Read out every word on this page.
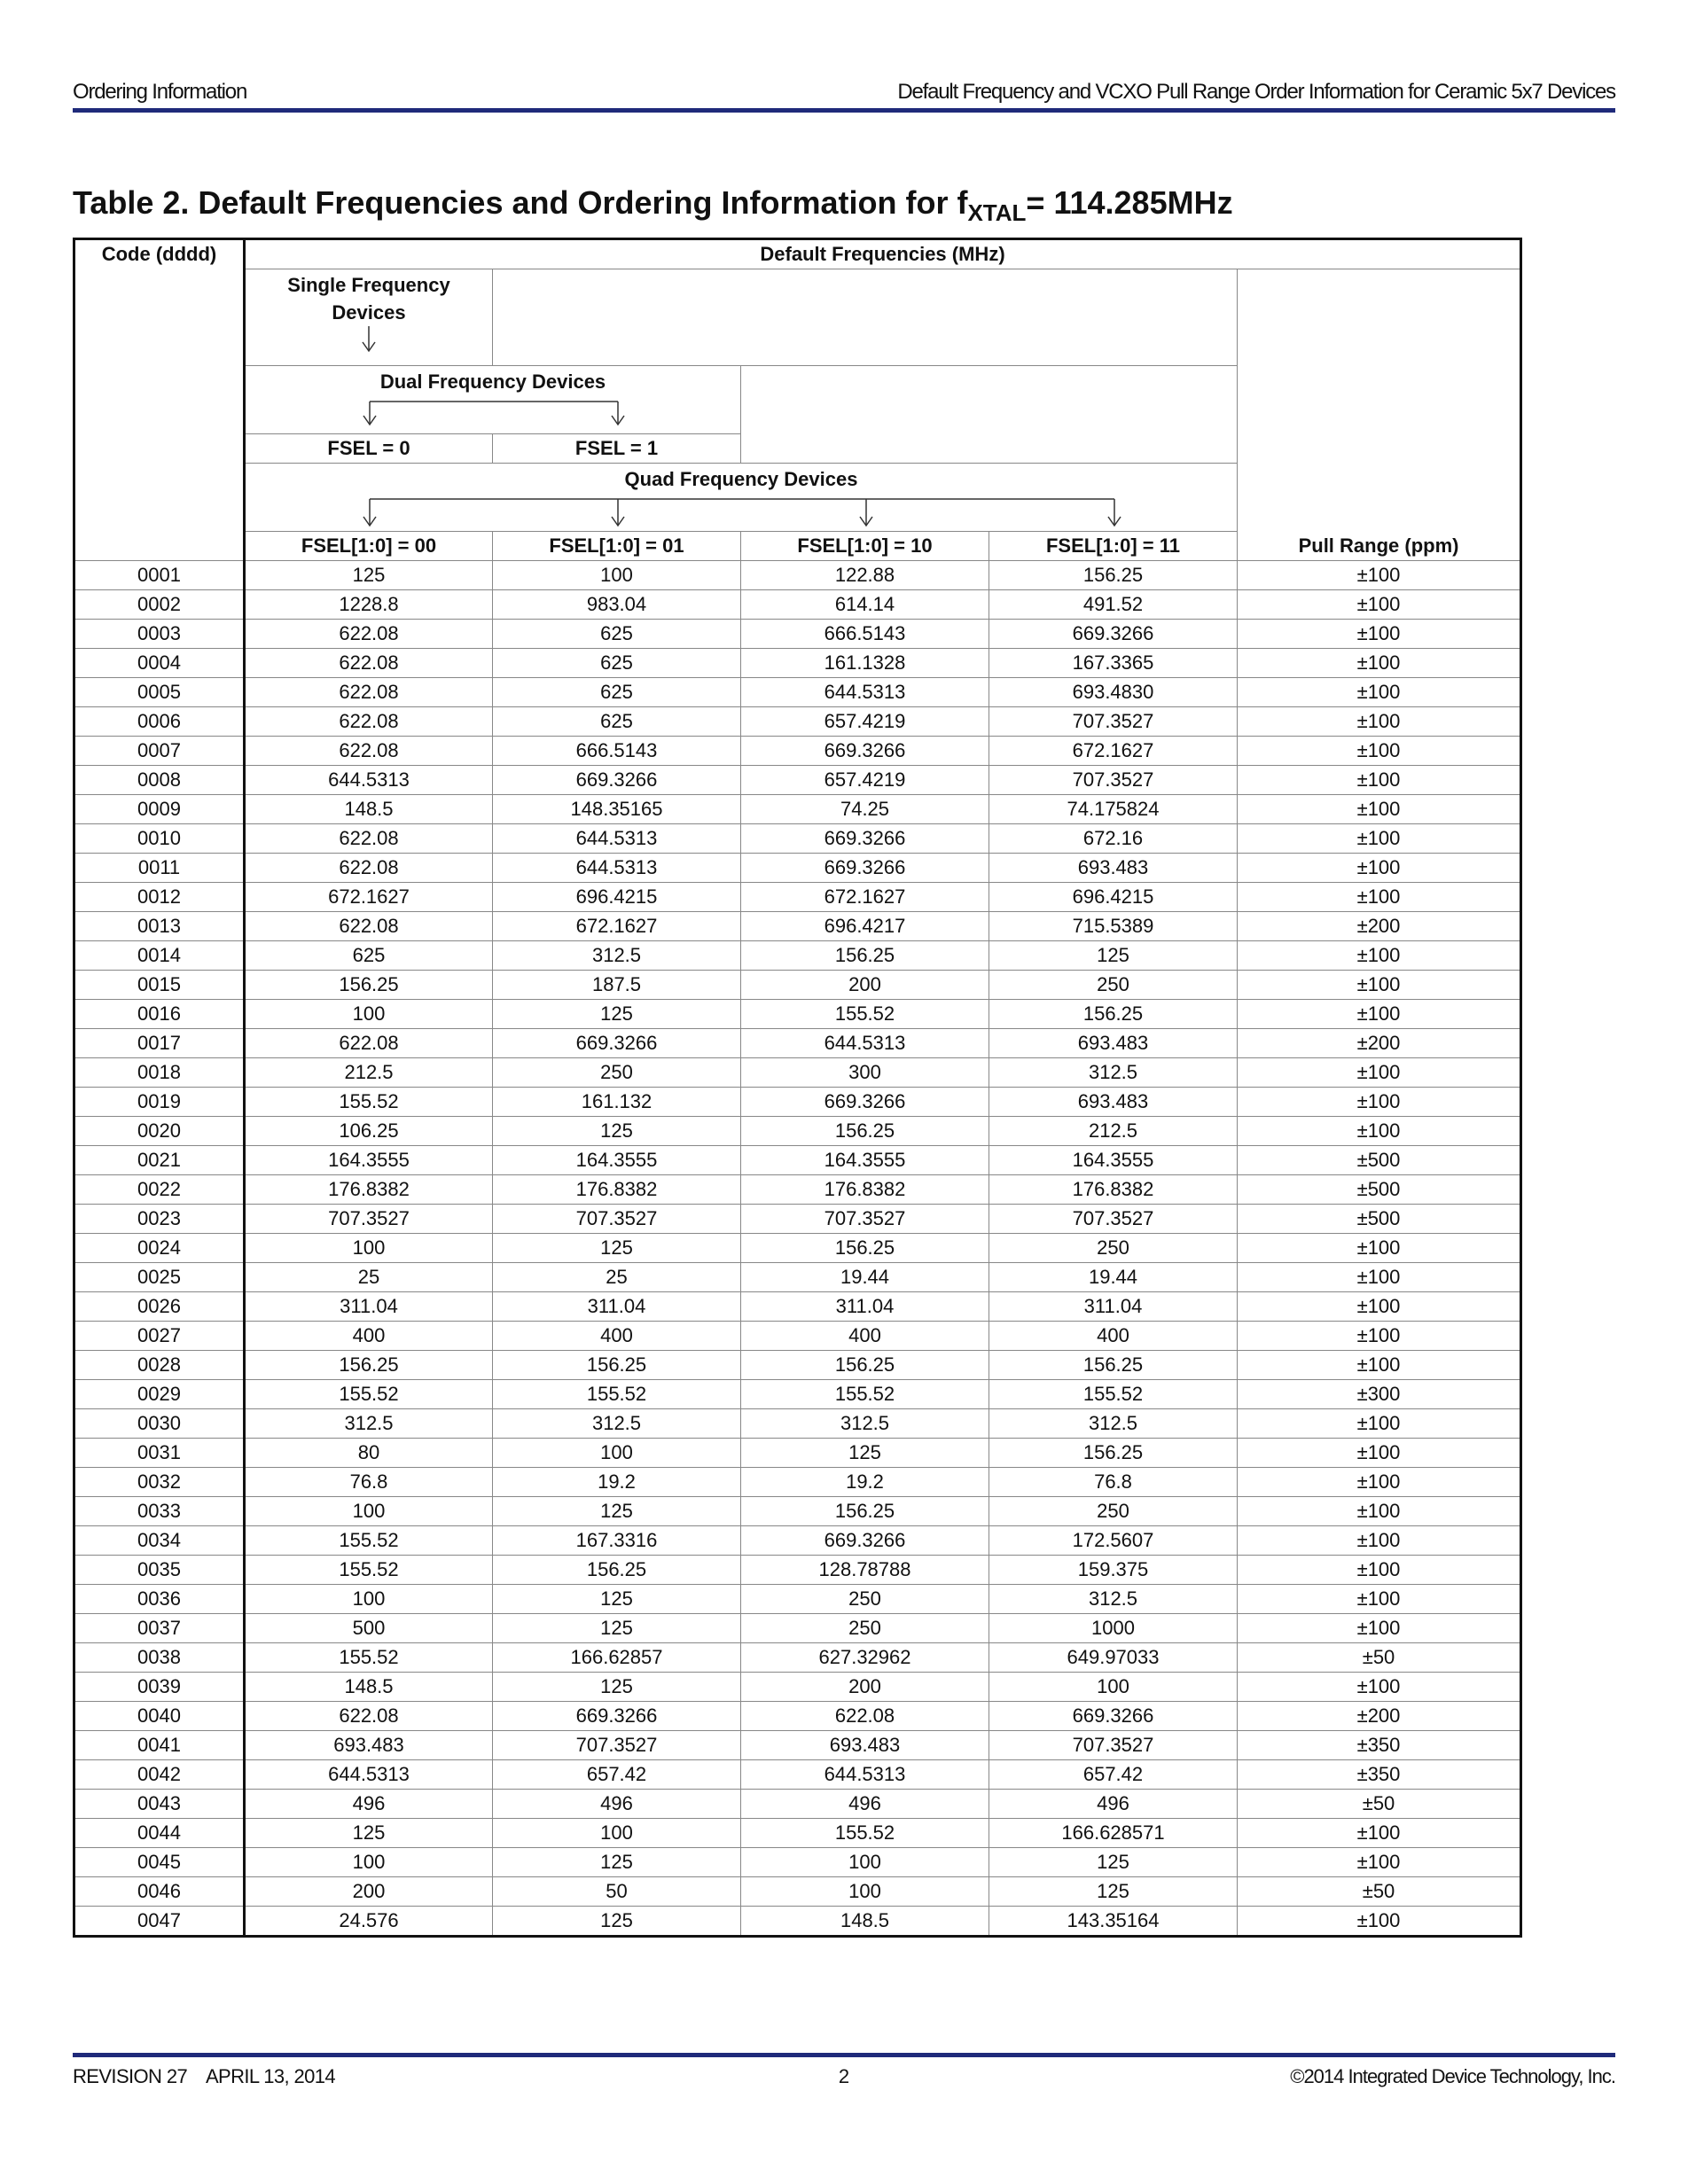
Ordering Information	Default Frequency and VCXO Pull Range Order Information for Ceramic 5x7 Devices
Table 2. Default Frequencies and Ordering Information for $f_{XTAL}= 114.285MHz$
Code (dddd)	Default Frequencies (MHz)				

	Single Frequency Devices				Pull Range (ppm)

	Dual Frequency Devices				

	FSEL = 0	FSEL = 1			

	Quad Frequency Devices				

	FSEL[1:0] = 00	FSEL[1:0] = 01	FSEL[1:0] = 10	FSEL[1:0] = 11	
0001	125	100	122.88	156.25	±100
0002	1228.8	983.04	614.14	491.52	±100
0003	622.08	625	666.5143	669.3266	±100
0004	622.08	625	161.1328	167.3365	±100
0005	622.08	625	644.5313	693.4830	±100
0006	622.08	625	657.4219	707.3527	±100
0007	622.08	666.5143	669.3266	672.1627	±100
0008	644.5313	669.3266	657.4219	707.3527	±100
0009	148.5	148.35165	74.25	74.175824	±100
0010	622.08	644.5313	669.3266	672.16	±100
0011	622.08	644.5313	669.3266	693.483	±100
0012	672.1627	696.4215	672.1627	696.4215	±100
0013	622.08	672.1627	696.4217	715.5389	±200
0014	625	312.5	156.25	125	±100
0015	156.25	187.5	200	250	±100
0016	100	125	155.52	156.25	±100
0017	622.08	669.3266	644.5313	693.483	±200
0018	212.5	250	300	312.5	±100
0019	155.52	161.132	669.3266	693.483	±100
0020	106.25	125	156.25	212.5	±100
0021	164.3555	164.3555	164.3555	164.3555	±500
0022	176.8382	176.8382	176.8382	176.8382	±500
0023	707.3527	707.3527	707.3527	707.3527	±500
0024	100	125	156.25	250	±100
0025	25	25	19.44	19.44	±100
0026	311.04	311.04	311.04	311.04	±100
0027	400	400	400	400	±100
0028	156.25	156.25	156.25	156.25	±100
0029	155.52	155.52	155.52	155.52	±300
0030	312.5	312.5	312.5	312.5	±100
0031	80	100	125	156.25	±100
0032	76.8	19.2	19.2	76.8	±100
0033	100	125	156.25	250	±100
0034	155.52	167.3316	669.3266	172.5607	±100
0035	155.52	156.25	128.78788	159.375	±100
0036	100	125	250	312.5	±100
0037	500	125	250	1000	±100
0038	155.52	166.62857	627.32962	649.97033	±50
0039	148.5	125	200	100	±100
0040	622.08	669.3266	622.08	669.3266	±200
0041	693.483	707.3527	693.483	707.3527	±350
0042	644.5313	657.42	644.5313	657.42	±350
0043	496	496	496	496	±50
0044	125	100	155.52	166.628571	±100
0045	100	125	100	125	±100
0046	200	50	100	125	±50
0047	24.576	125	148.5	143.35164	±100
REVISION 27    APRIL 13, 2014	2	©2014 Integrated Device Technology, Inc.
